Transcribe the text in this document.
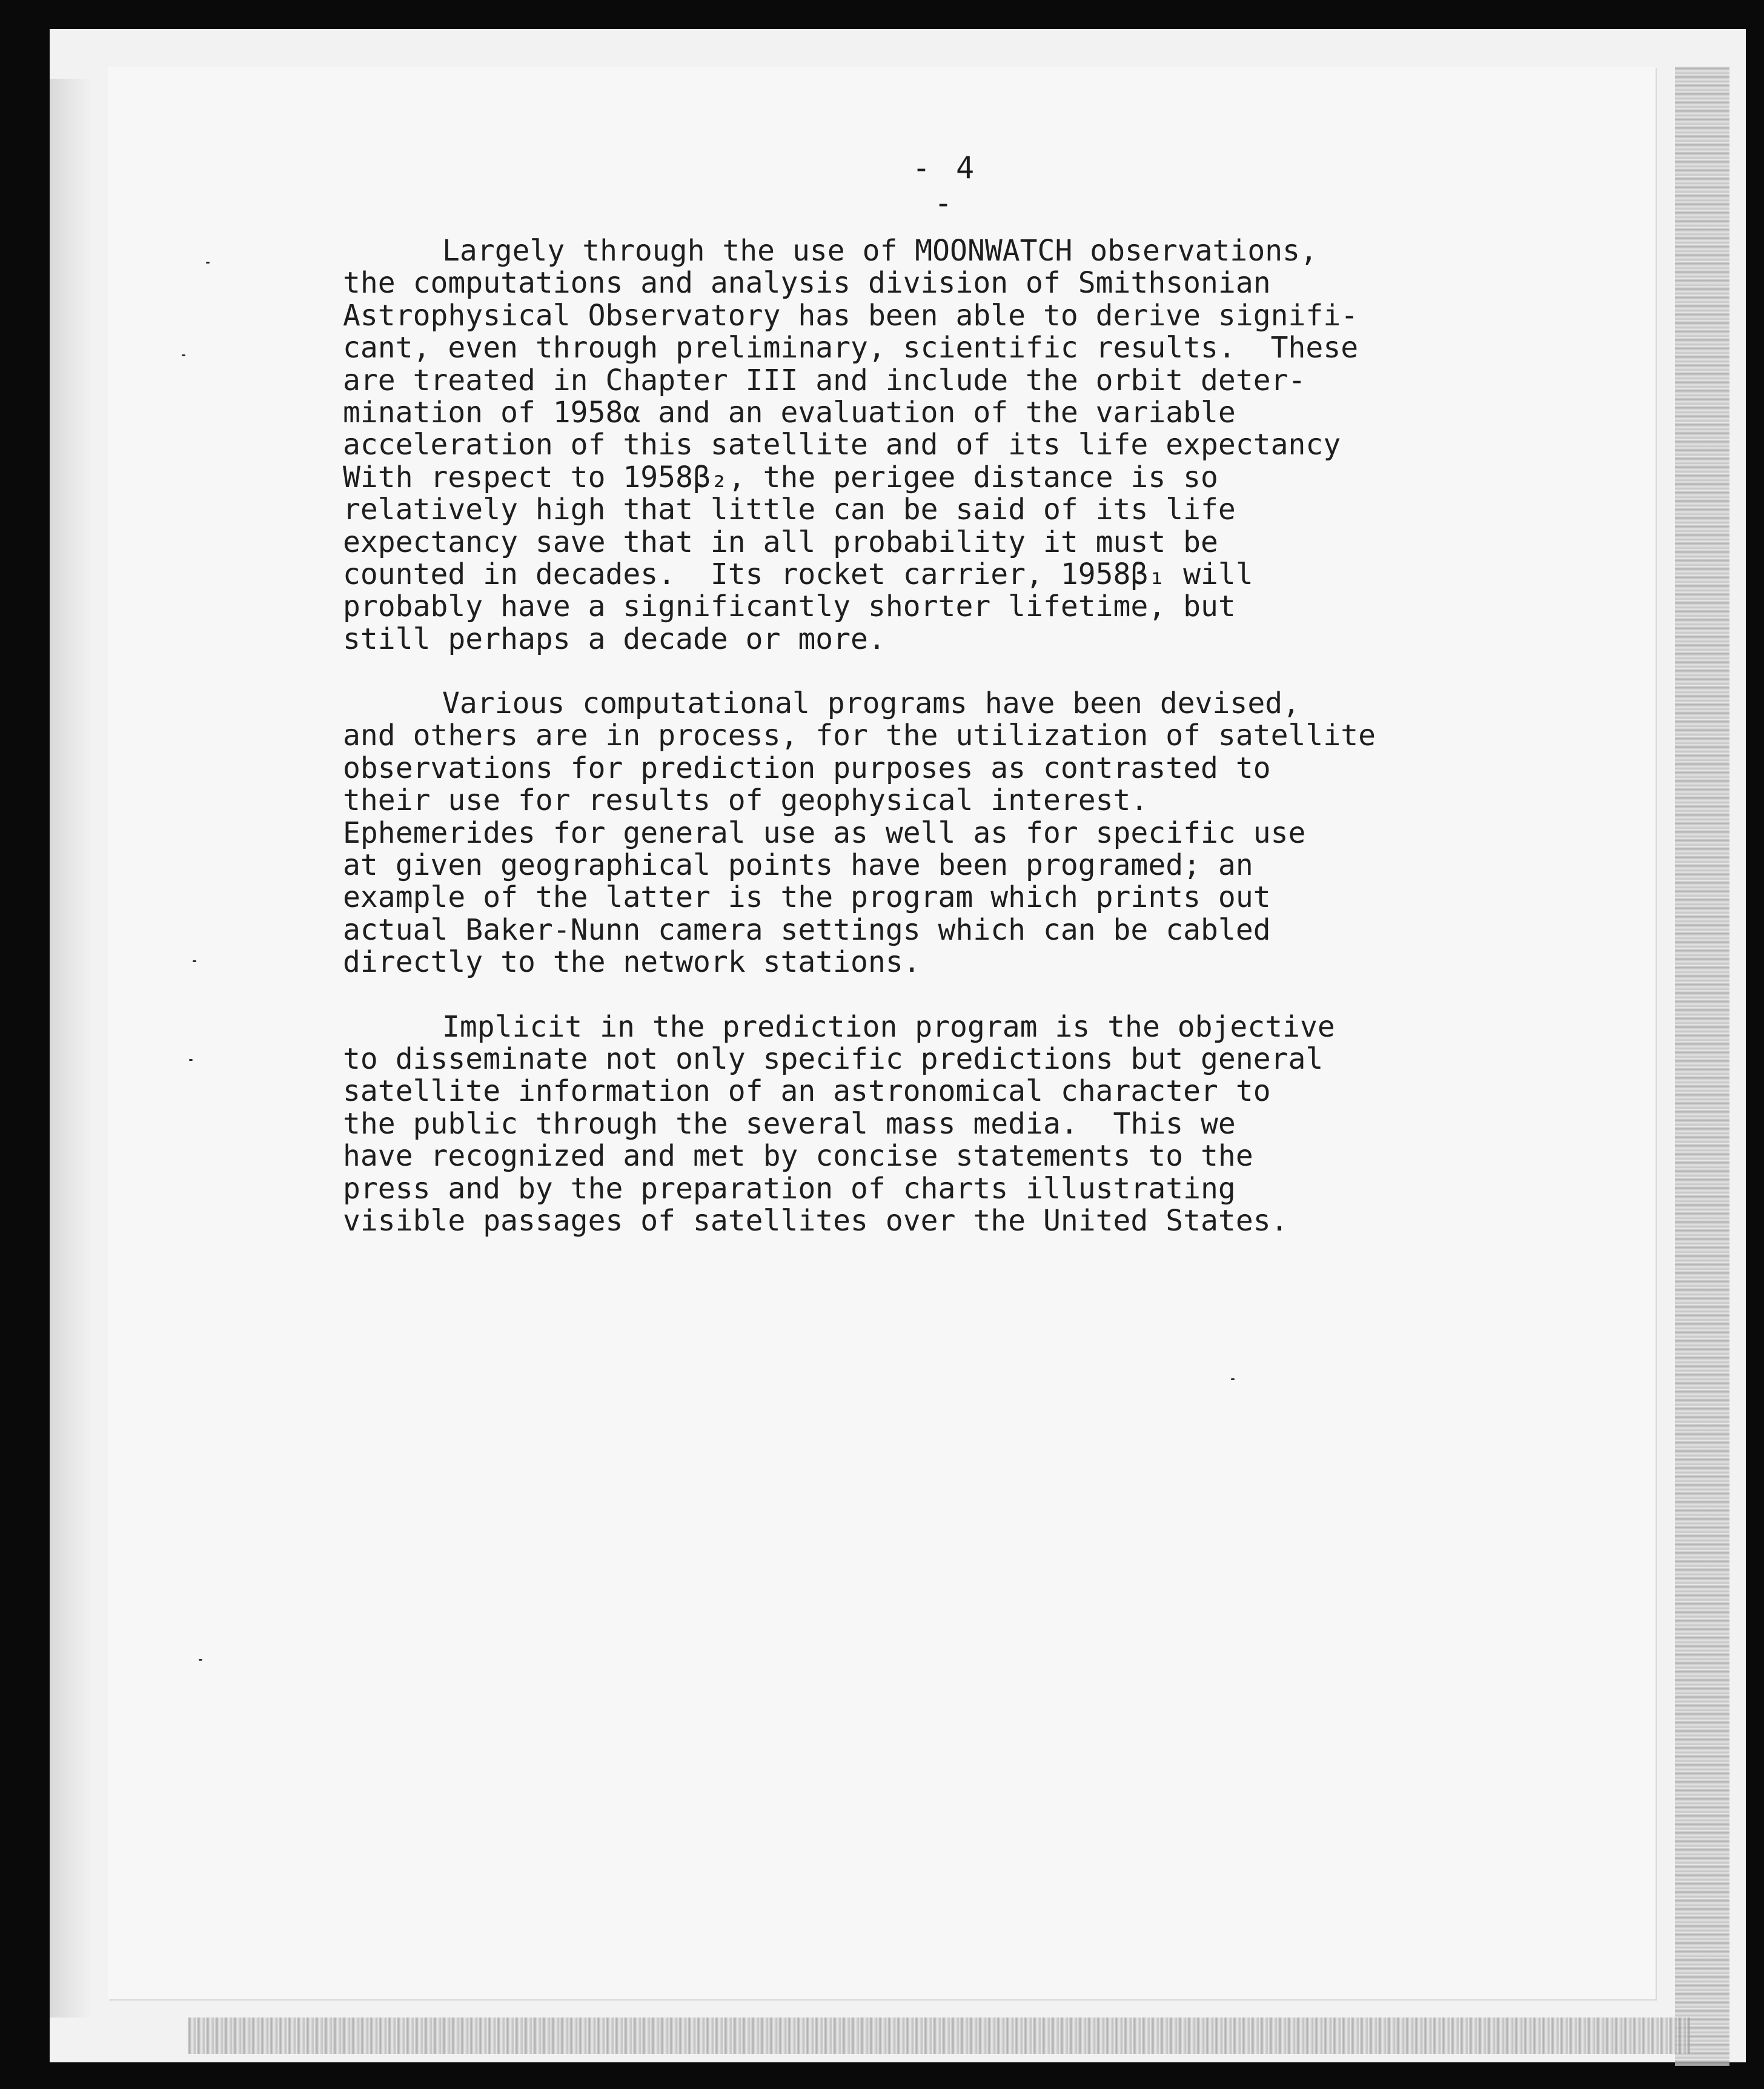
- 4 -
Largely through the use of MOONWATCH observations,
the computations and analysis division of Smithsonian
Astrophysical Observatory has been able to derive signifi-
cant, even through preliminary, scientific results.  These
are treated in Chapter III and include the orbit deter-
mination of 1958α and an evaluation of the variable
acceleration of this satellite and of its life expectancy
With respect to 1958β₂, the perigee distance is so
relatively high that little can be said of its life
expectancy save that in all probability it must be
counted in decades.  Its rocket carrier, 1958β₁ will
probably have a significantly shorter lifetime, but
still perhaps a decade or more.
Various computational programs have been devised,
and others are in process, for the utilization of satellite
observations for prediction purposes as contrasted to
their use for results of geophysical interest.
Ephemerides for general use as well as for specific use
at given geographical points have been programed; an
example of the latter is the program which prints out
actual Baker-Nunn camera settings which can be cabled
directly to the network stations.
Implicit in the prediction program is the objective
to disseminate not only specific predictions but general
satellite information of an astronomical character to
the public through the several mass media.  This we
have recognized and met by concise statements to the
press and by the preparation of charts illustrating
visible passages of satellites over the United States.
